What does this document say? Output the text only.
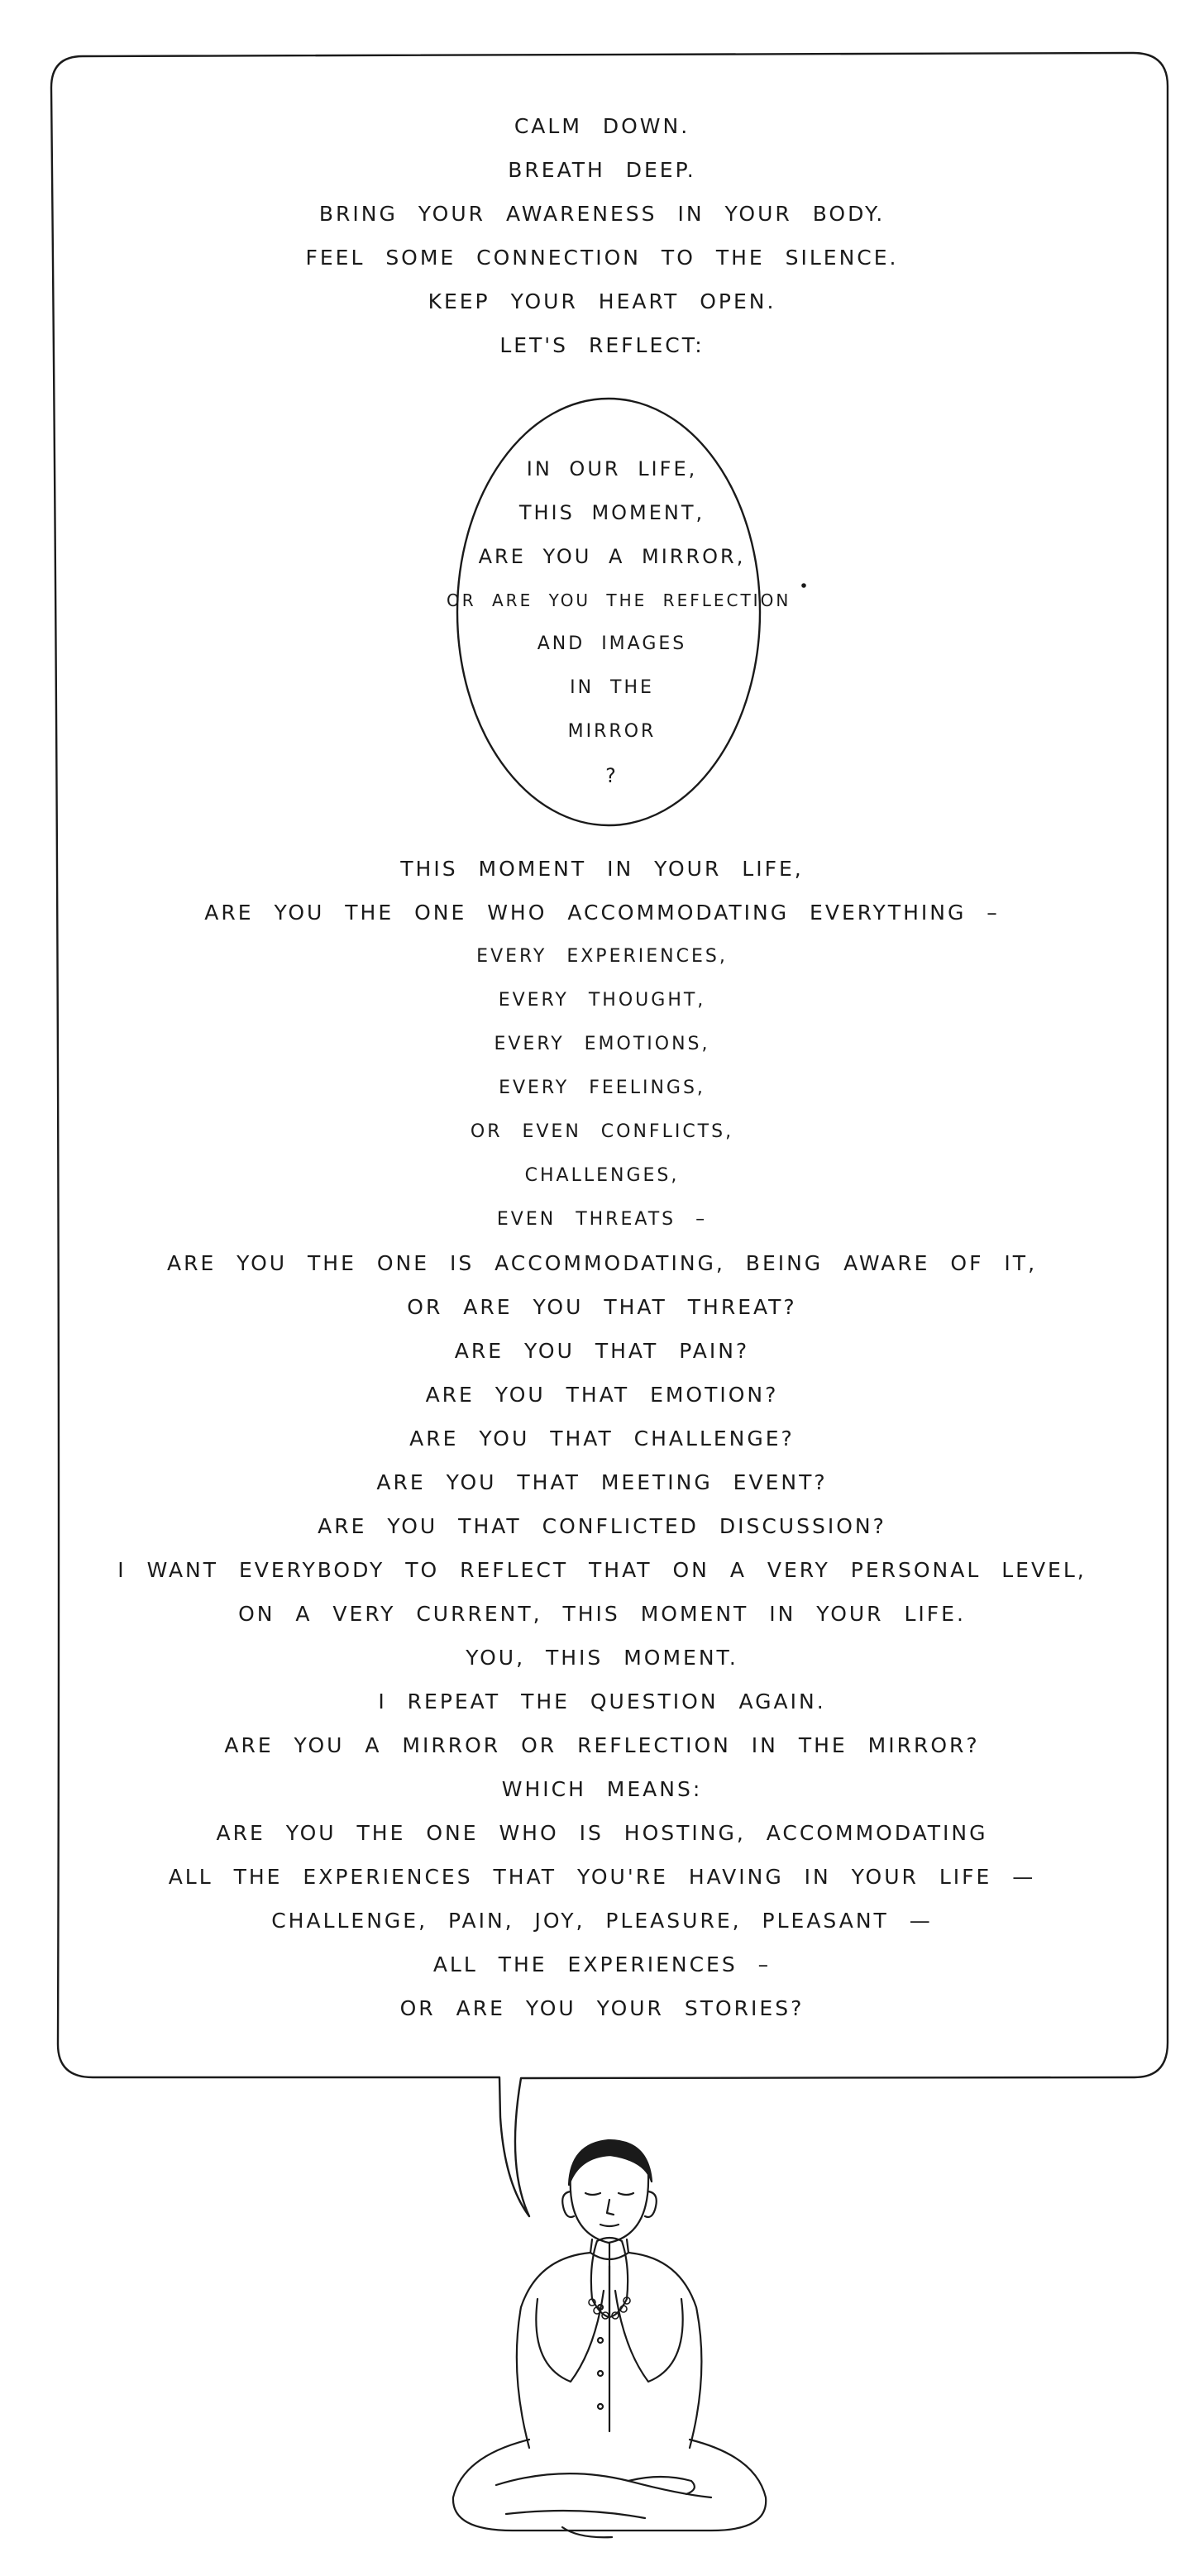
CALM DOWN.
BREATH DEEP.
BRING YOUR AWARENESS IN YOUR BODY.
FEEL SOME CONNECTION TO THE SILENCE.
KEEP YOUR HEART OPEN.
LET'S REFLECT:
IN OUR LIFE,
THIS MOMENT,
ARE YOU A MIRROR,
OR ARE YOU THE REFLECTION
AND IMAGES
IN THE
MIRROR
?
THIS MOMENT IN YOUR LIFE,
ARE YOU THE ONE WHO ACCOMMODATING EVERYTHING –
EVERY EXPERIENCES,
EVERY THOUGHT,
EVERY EMOTIONS,
EVERY FEELINGS,
OR EVEN CONFLICTS,
CHALLENGES,
EVEN THREATS –
ARE YOU THE ONE IS ACCOMMODATING, BEING AWARE OF IT,
OR ARE YOU THAT THREAT?
ARE YOU THAT PAIN?
ARE YOU THAT EMOTION?
ARE YOU THAT CHALLENGE?
ARE YOU THAT MEETING EVENT?
ARE YOU THAT CONFLICTED DISCUSSION?
I WANT EVERYBODY TO REFLECT THAT ON A VERY PERSONAL LEVEL,
ON A VERY CURRENT, THIS MOMENT IN YOUR LIFE.
YOU, THIS MOMENT.
I REPEAT THE QUESTION AGAIN.
ARE YOU A MIRROR OR REFLECTION IN THE MIRROR?
WHICH MEANS:
ARE YOU THE ONE WHO IS HOSTING, ACCOMMODATING
ALL THE EXPERIENCES THAT YOU'RE HAVING IN YOUR LIFE —
CHALLENGE, PAIN, JOY, PLEASURE, PLEASANT —
ALL THE EXPERIENCES –
OR ARE YOU YOUR STORIES?
